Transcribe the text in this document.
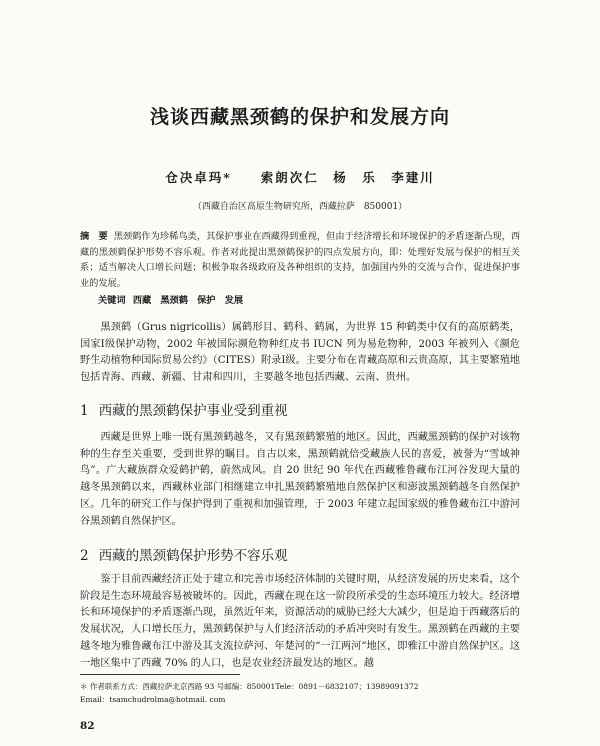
浅谈西藏黑颈鹤的保护和发展方向
仓决卓玛*　　索朗次仁　杨　乐　李建川
（西藏自治区高原生物研究所，西藏拉萨　850001）

摘　要 黑颈鹤作为珍稀鸟类，其保护事业在西藏得到重视，但由于经济增长和环境保护的矛盾逐渐凸现，西藏的黑颈鹤保护形势不容乐观。作者对此提出黑颈鹤保护的四点发展方向，即：处理好发展与保护的相互关系；适当解决人口增长问题；积极争取各级政府及各种组织的支持，加强国内外的交流与合作，促进保护事业的发展。

关键词 西藏　黑颈鹤　保护　发展

黑颈鹤（Grus nigricollis）属鹤形目、鹤科、鹤属，为世界 15 种鹤类中仅有的高原鹤类，国家Ⅰ级保护动物，2002 年被国际濒危物种红皮书 IUCN 列为易危物种，2003 年被列入《濒危野生动植物种国际贸易公约》（CITES）附录Ⅰ级。主要分布在青藏高原和云贵高原，其主要繁殖地包括青海、西藏、新疆、甘肃和四川，主要越冬地包括西藏、云南、贵州。

1 西藏的黑颈鹤保护事业受到重视

西藏是世界上唯一既有黑颈鹤越冬，又有黑颈鹤繁殖的地区。因此，西藏黑颈鹤的保护对该物种的生存至关重要，受到世界的瞩目。自古以来，黑颈鹤就倍受藏族人民的喜爱，被誉为“雪域神鸟”。广大藏族群众爱鹤护鹤，蔚然成风。自 20 世纪 90 年代在西藏雅鲁藏布江河谷发现大量的越冬黑颈鹤以来，西藏林业部门相继建立申扎黑颈鹤繁殖地自然保护区和澎波黑颈鹤越冬自然保护区。几年的研究工作与保护得到了重视和加强管理，于 2003 年建立起国家级的雅鲁藏布江中游河谷黑颈鹤自然保护区。

2 西藏的黑颈鹤保护形势不容乐观

鉴于目前西藏经济正处于建立和完善市场经济体制的关键时期，从经济发展的历史来看，这个阶段是生态环境最容易被破坏的。因此，西藏在现在这一阶段所承受的生态环境压力较大。经济增长和环境保护的矛盾逐渐凸现，虽然近年来，资源活动的威胁已经大大减少，但是迫于西藏落后的发展状况，人口增长压力，黑颈鹤保护与人们经济活动的矛盾冲突时有发生。黑颈鹤在西藏的主要越冬地为雅鲁藏布江中游及其支流拉萨河、年楚河的“一江两河”地区，即雅江中游自然保护区。这一地区集中了西藏 70% 的人口，也是农业经济最发达的地区。越

＊ 作者联系方式：西藏拉萨北京西路 93 号邮编：850001Tele：0891－6832107；13989091372
Email：tsamchudrolma@hotmail. com
82
